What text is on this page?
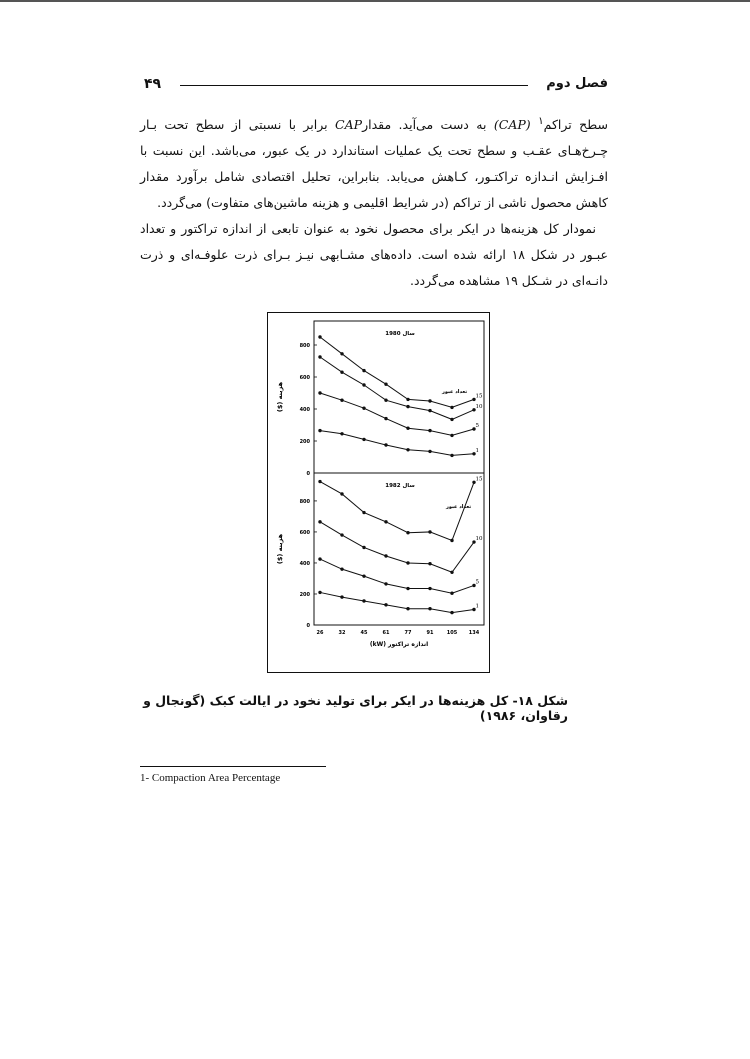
۴۹	فصل دوم

سطح تراکم$^۱$ (CAP) به دست می‌آید. مقدارCAP برابر با نسبتی از سطح تحت بـار چـرخ‌هـای عقـب و سطح تحت یک عملیات استاندارد در یک عبور، می‌باشد. این نسبت با افـزایش انـدازه تراکتـور، کـاهش می‌یابد. بنابراین، تحلیل اقتصادی شامل برآورد مقدار کاهش محصول ناشی از تراکم (در شرایط اقلیمی و هزینه ماشین‌های متفاوت) می‌گردد.

نمودار کل هزینه‌ها در ایکر برای محصول نخود به عنوان تابعی از اندازه تراکتور و تعداد عبـور در شکل ۱۸ ارائه شده است. داده‌های مشـابهی نیـز بـرای ذرت علوفـه‌ای و ذرت دانـه‌ای در شـکل ۱۹ مشاهده می‌گردد.

0
200
400
600
800
هزینه ($)
سال 1980
تعداد عبور
15
10
5
1
0
200
400
600
800
هزینه ($)
سال 1982
تعداد عبور
15
10
5
1
26	32	45	61	77	91	105 134
اندازه تراکتور (kW)
شکل ۱۸- کل هزینه‌ها در ایکر برای تولید نخود در ایالت کبک (گونجال و رقاوان، ۱۹۸۶)
1- Compaction Area Percentage
